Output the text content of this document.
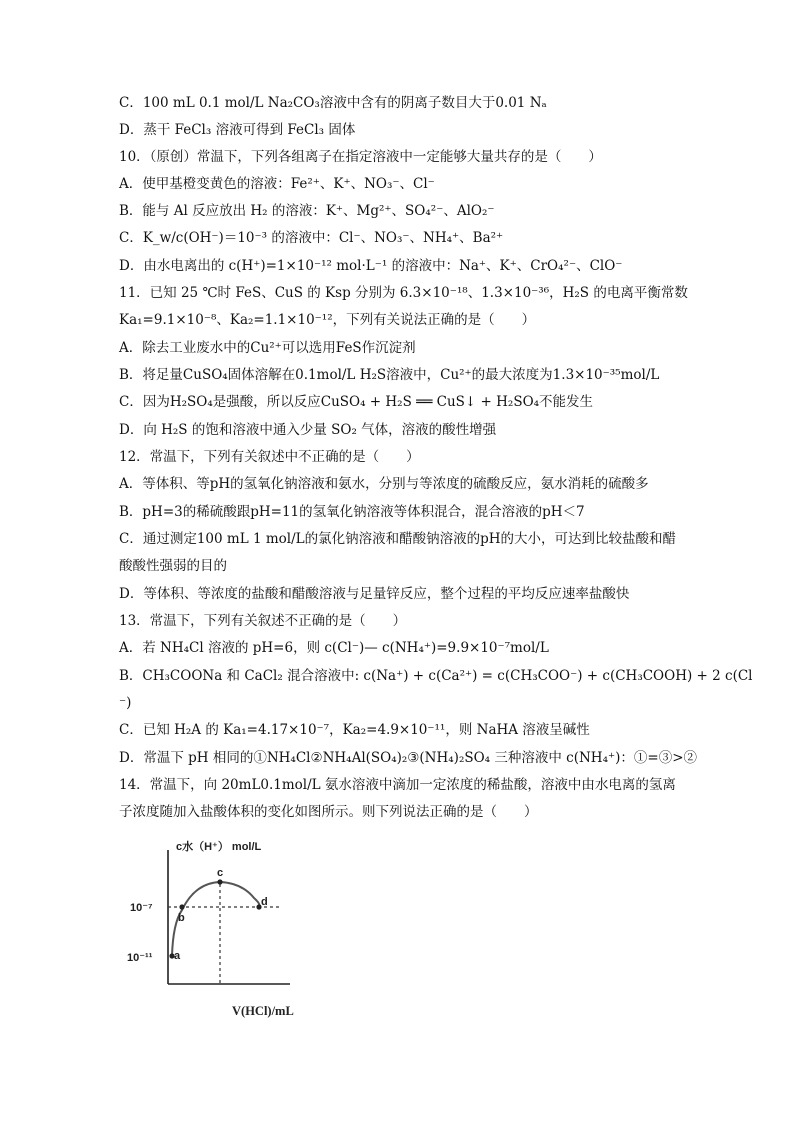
C．100 mL 0.1 mol/L Na₂CO₃溶液中含有的阴离子数目大于0.01 Nₐ
D．蒸干 FeCl₃ 溶液可得到 FeCl₃ 固体
10．（原创）常温下，下列各组离子在指定溶液中一定能够大量共存的是（　　）
A．使甲基橙变黄色的溶液：Fe²⁺、K⁺、NO₃⁻、Cl⁻
B．能与 Al 反应放出 H₂ 的溶液：K⁺、Mg²⁺、SO₄²⁻、AlO₂⁻
C．K_w/c(OH⁻)＝10⁻³ 的溶液中：Cl⁻、NO₃⁻、NH₄⁺、Ba²⁺
D．由水电离出的 c(H⁺)=1×10⁻¹² mol·L⁻¹ 的溶液中：Na⁺、K⁺、CrO₄²⁻、ClO⁻
11．已知 25 ℃时 FeS、CuS 的 Ksp 分别为 6.3×10⁻¹⁸、1.3×10⁻³⁶，H₂S 的电离平衡常数
Ka₁=9.1×10⁻⁸、Ka₂=1.1×10⁻¹²，下列有关说法正确的是（　　）
A．除去工业废水中的Cu²⁺可以选用FeS作沉淀剂
B．将足量CuSO₄固体溶解在0.1mol/L H₂S溶液中，Cu²⁺的最大浓度为1.3×10⁻³⁵mol/L
C．因为H₂SO₄是强酸，所以反应CuSO₄ + H₂S ══ CuS↓ + H₂SO₄不能发生
D．向 H₂S 的饱和溶液中通入少量 SO₂ 气体，溶液的酸性增强
12．常温下，下列有关叙述中不正确的是（　　）
A．等体积、等pH的氢氧化钠溶液和氨水，分别与等浓度的硫酸反应，氨水消耗的硫酸多
B．pH=3的稀硫酸跟pH=11的氢氧化钠溶液等体积混合，混合溶液的pH＜7
C．通过测定100 mL 1 mol/L的氯化钠溶液和醋酸钠溶液的pH的大小，可达到比较盐酸和醋
酸酸性强弱的目的
D．等体积、等浓度的盐酸和醋酸溶液与足量锌反应，整个过程的平均反应速率盐酸快
13．常温下，下列有关叙述不正确的是（　　）
A．若 NH₄Cl 溶液的 pH=6，则 c(Cl⁻)— c(NH₄⁺)=9.9×10⁻⁷mol/L
B．CH₃COONa 和 CaCl₂ 混合溶液中: c(Na⁺) + c(Ca²⁺) = c(CH₃COO⁻) + c(CH₃COOH) + 2 c(Cl
⁻)
C．已知 H₂A 的 Ka₁=4.17×10⁻⁷，Ka₂=4.9×10⁻¹¹，则 NaHA 溶液呈碱性
D．常温下 pH 相同的①NH₄Cl②NH₄Al(SO₄)₂③(NH₄)₂SO₄ 三种溶液中 c(NH₄⁺)：①=③>②
14．常温下，向 20mL0.1mol/L 氨水溶液中滴加一定浓度的稀盐酸，溶液中由水电离的氢离
子浓度随加入盐酸体积的变化如图所示。则下列说法正确的是（　　）
c水（H⁺） mol/L
10⁻⁷
10⁻¹¹ a
b
c
d
V(HCl)/mL
